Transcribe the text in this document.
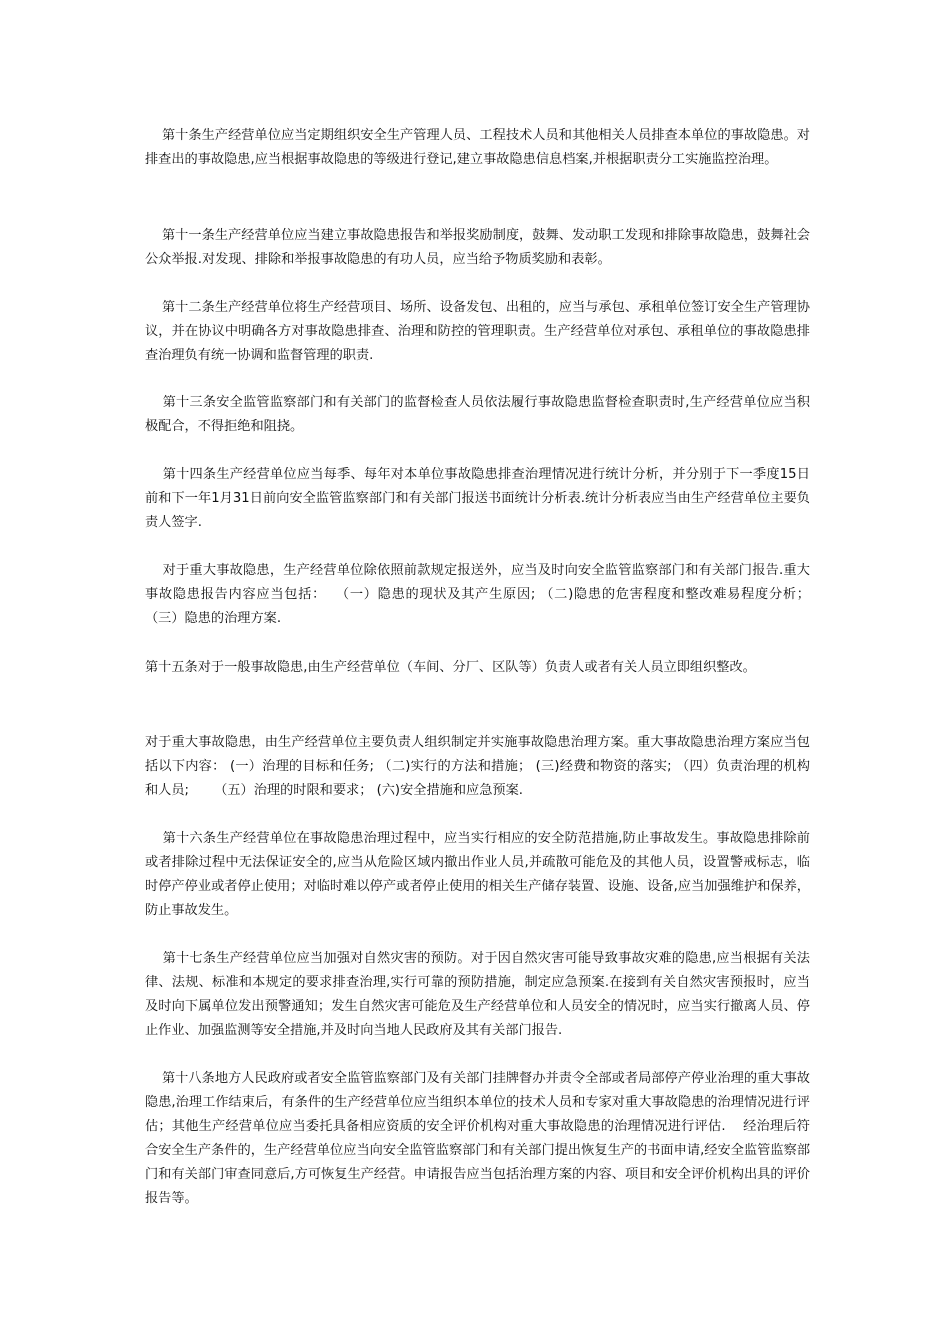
第十条生产经营单位应当定期组织安全生产管理人员、工程技术人员和其他相关人员排查本单位的事故隐患。对排查出的事故隐患,应当根据事故隐患的等级进行登记,建立事故隐患信息档案,并根据职责分工实施监控治理。
第十一条生产经营单位应当建立事故隐患报告和举报奖励制度，鼓舞、发动职工发现和排除事故隐患，鼓舞社会公众举报.对发现、排除和举报事故隐患的有功人员，应当给予物质奖励和表彰。
第十二条生产经营单位将生产经营项目、场所、设备发包、出租的，应当与承包、承租单位签订安全生产管理协议，并在协议中明确各方对事故隐患排查、治理和防控的管理职责。生产经营单位对承包、承租单位的事故隐患排查治理负有统一协调和监督管理的职责.
第十三条安全监管监察部门和有关部门的监督检查人员依法履行事故隐患监督检查职责时,生产经营单位应当积极配合，不得拒绝和阻挠。
第十四条生产经营单位应当每季、每年对本单位事故隐患排查治理情况进行统计分析，并分别于下一季度15日前和下一年1月31日前向安全监管监察部门和有关部门报送书面统计分析表.统计分析表应当由生产经营单位主要负责人签字.
对于重大事故隐患，生产经营单位除依照前款规定报送外，应当及时向安全监管监察部门和有关部门报告.重大事故隐患报告内容应当包括：  （一）隐患的现状及其产生原因; （二)隐患的危害程度和整改难易程度分析；      （三）隐患的治理方案.
第十五条对于一般事故隐患,由生产经营单位（车间、分厂、区队等）负责人或者有关人员立即组织整改。
对于重大事故隐患，由生产经营单位主要负责人组织制定并实施事故隐患治理方案。重大事故隐患治理方案应当包括以下内容： (一）治理的目标和任务; （二)实行的方法和措施； (三)经费和物资的落实; （四）负责治理的机构和人员;      （五）治理的时限和要求； (六)安全措施和应急预案.
第十六条生产经营单位在事故隐患治理过程中，应当实行相应的安全防范措施,防止事故发生。事故隐患排除前或者排除过程中无法保证安全的,应当从危险区域内撤出作业人员,并疏散可能危及的其他人员，设置警戒标志，临时停产停业或者停止使用；对临时难以停产或者停止使用的相关生产储存装置、设施、设备,应当加强维护和保养，防止事故发生。
第十七条生产经营单位应当加强对自然灾害的预防。对于因自然灾害可能导致事故灾难的隐患,应当根据有关法律、法规、标准和本规定的要求排查治理,实行可靠的预防措施，制定应急预案.在接到有关自然灾害预报时，应当及时向下属单位发出预警通知；发生自然灾害可能危及生产经营单位和人员安全的情况时，应当实行撤离人员、停止作业、加强监测等安全措施,并及时向当地人民政府及其有关部门报告.
第十八条地方人民政府或者安全监管监察部门及有关部门挂牌督办并责令全部或者局部停产停业治理的重大事故隐患,治理工作结束后，有条件的生产经营单位应当组织本单位的技术人员和专家对重大事故隐患的治理情况进行评估；其他生产经营单位应当委托具备相应资质的安全评价机构对重大事故隐患的治理情况进行评估.    经治理后符合安全生产条件的，生产经营单位应当向安全监管监察部门和有关部门提出恢复生产的书面申请,经安全监管监察部门和有关部门审查同意后,方可恢复生产经营。申请报告应当包括治理方案的内容、项目和安全评价机构出具的评价报告等。
